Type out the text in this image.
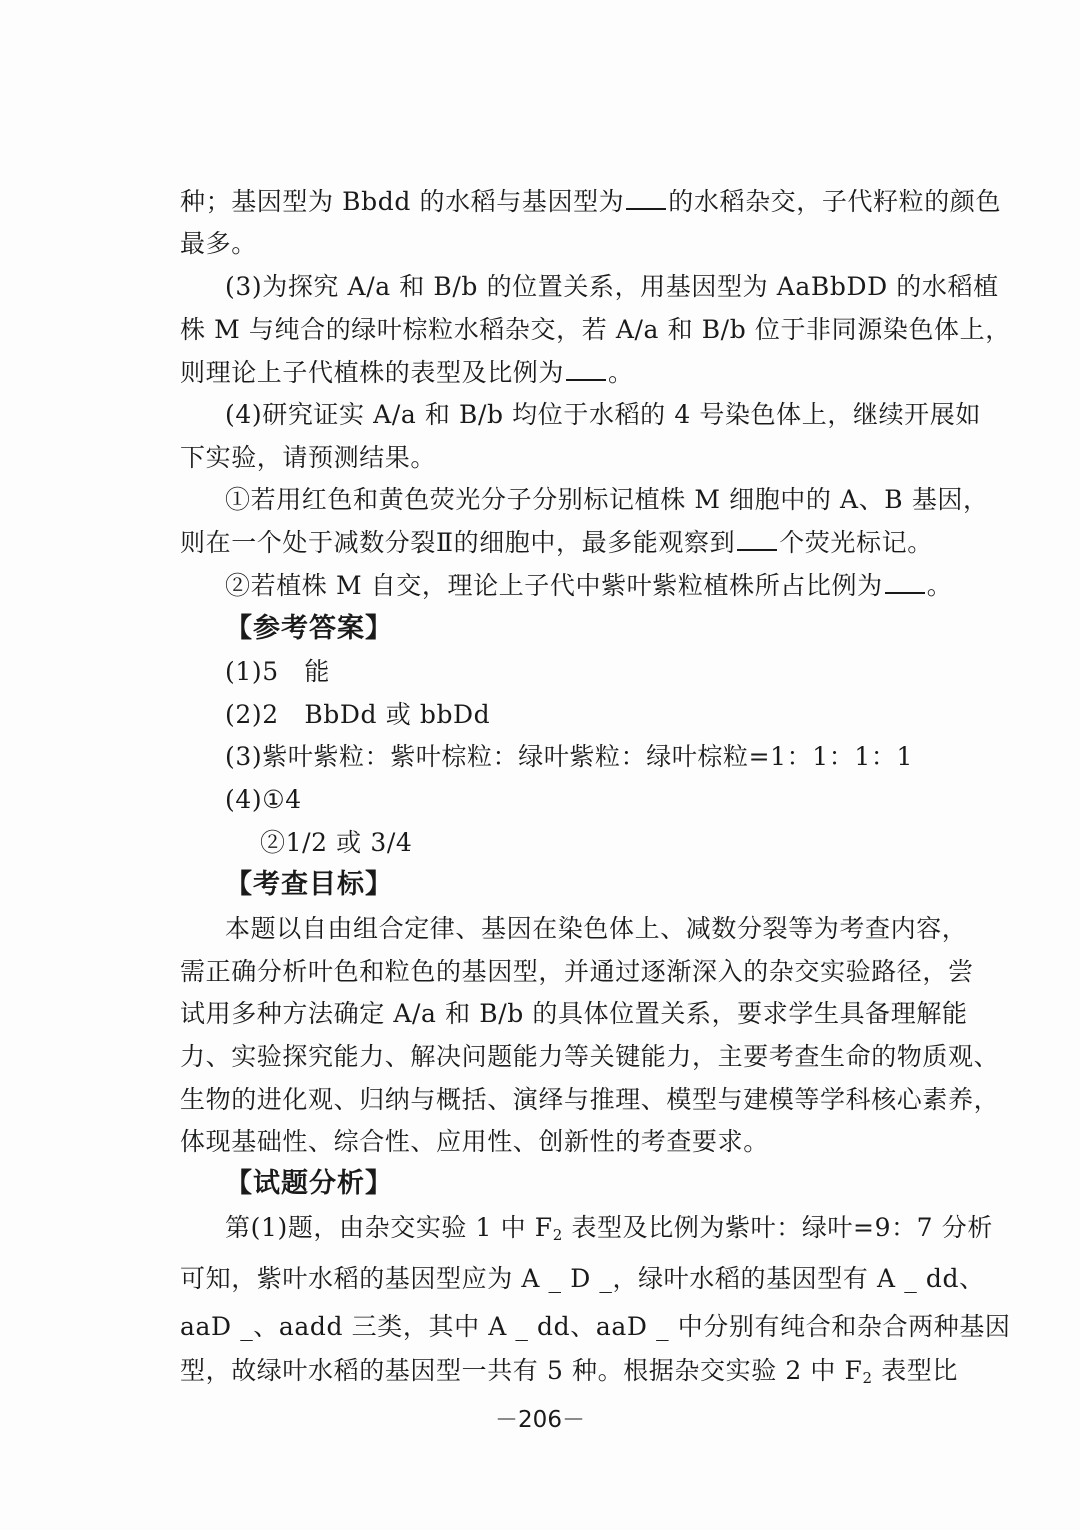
种；基因型为 Bbdd 的水稻与基因型为 的水稻杂交，子代籽粒的颜色
最多。
(3)为探究 A/a 和 B/b 的位置关系，用基因型为 AaBbDD 的水稻植
株 M 与纯合的绿叶棕粒水稻杂交，若 A/a 和 B/b 位于非同源染色体上，
则理论上子代植株的表型及比例为 。
(4)研究证实 A/a 和 B/b 均位于水稻的 4 号染色体上，继续开展如
下实验，请预测结果。
①若用红色和黄色荧光分子分别标记植株 M 细胞中的 A、B 基因，
则在一个处于减数分裂Ⅱ的细胞中，最多能观察到 个荧光标记。
②若植株 M 自交，理论上子代中紫叶紫粒植株所占比例为 。
【参考答案】
(1)5　能
(2)2　BbDd 或 bbDd
(3)紫叶紫粒：紫叶棕粒：绿叶紫粒：绿叶棕粒=1：1：1：1
(4)①4
②1/2 或 3/4
【考查目标】
本题以自由组合定律、基因在染色体上、减数分裂等为考查内容，
需正确分析叶色和粒色的基因型，并通过逐渐深入的杂交实验路径，尝
试用多种方法确定 A/a 和 B/b 的具体位置关系，要求学生具备理解能
力、实验探究能力、解决问题能力等关键能力，主要考查生命的物质观、
生物的进化观、归纳与概括、演绎与推理、模型与建模等学科核心素养，
体现基础性、综合性、应用性、创新性的考查要求。
【试题分析】
第(1)题，由杂交实验 1 中 $F_2$ 表型及比例为紫叶：绿叶=9：7 分析
可知，紫叶水稻的基因型应为 A _ D _，绿叶水稻的基因型有 A _ dd、
aaD _、aadd 三类，其中 A _ dd、aaD _ 中分别有纯合和杂合两种基因
型，故绿叶水稻的基因型一共有 5 种。根据杂交实验 2 中 $F_2$ 表型比
－206－
